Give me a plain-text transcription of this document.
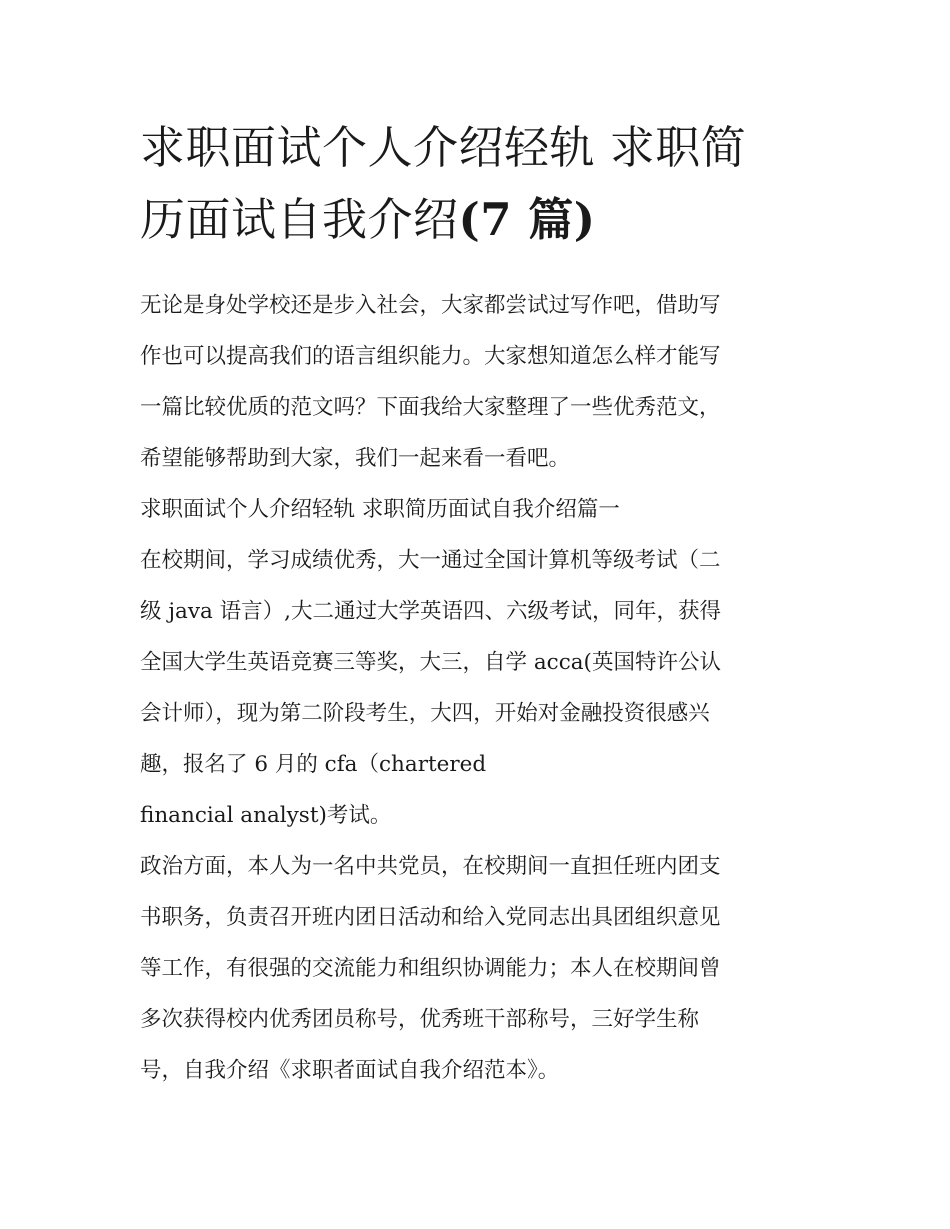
求职面试个人介绍轻轨 求职简
历面试自我介绍(7 篇)

无论是身处学校还是步入社会，大家都尝试过写作吧，借助写
作也可以提高我们的语言组织能力。大家想知道怎么样才能写
一篇比较优质的范文吗？下面我给大家整理了一些优秀范文，
希望能够帮助到大家，我们一起来看一看吧。

求职面试个人介绍轻轨 求职简历面试自我介绍篇一

在校期间，学习成绩优秀，大一通过全国计算机等级考试（二
级 java 语言）,大二通过大学英语四、六级考试，同年，获得
全国大学生英语竞赛三等奖，大三，自学 acca(英国特许公认
会计师），现为第二阶段考生，大四，开始对金融投资很感兴
趣，报名了 6 月的 cfa（chartered
financial analyst)考试。

政治方面，本人为一名中共党员，在校期间一直担任班内团支
书职务，负责召开班内团日活动和给入党同志出具团组织意见
等工作，有很强的交流能力和组织协调能力；本人在校期间曾
多次获得校内优秀团员称号，优秀班干部称号，三好学生称
号，自我介绍《求职者面试自我介绍范本》。
